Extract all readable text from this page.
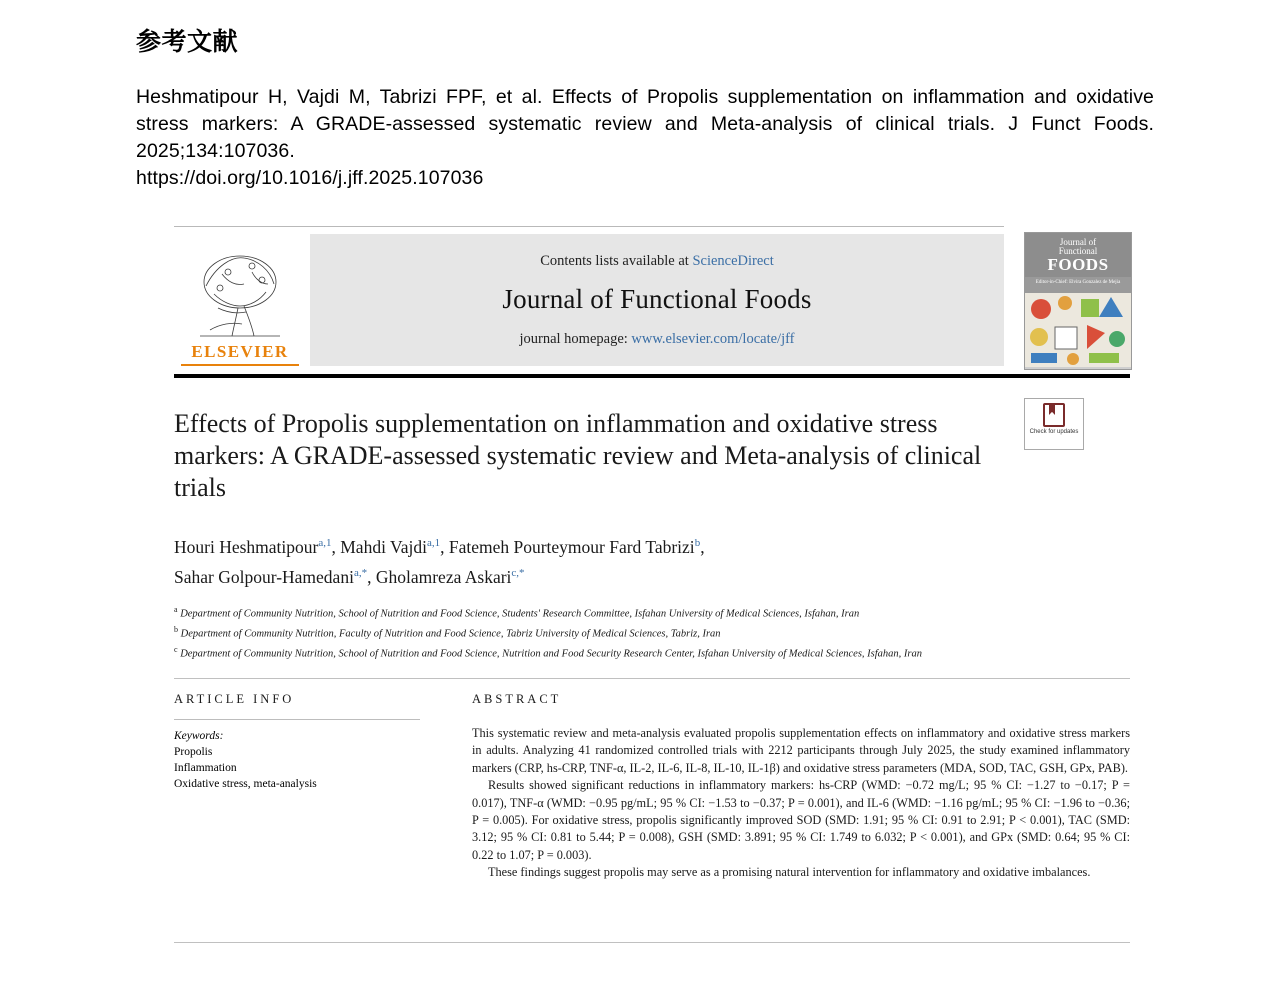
参考文献
Heshmatipour H, Vajdi M, Tabrizi FPF, et al. Effects of Propolis supplementation on inflammation and oxidative stress markers: A GRADE-assessed systematic review and Meta-analysis of clinical trials. J Funct Foods. 2025;134:107036.
https://doi.org/10.1016/j.jff.2025.107036
ELSEVIER
Contents lists available at ScienceDirect
Journal of Functional Foods
journal homepage: www.elsevier.com/locate/jff
Journal of
Functional
FOODS
Editor-in-Chief: Elvira Gonzalez de Mejia
Check for updates
Effects of Propolis supplementation on inflammation and oxidative stress markers: A GRADE-assessed systematic review and Meta-analysis of clinical trials
Houri Heshmatipour$^{a,1}$, Mahdi Vajdi$^{a,1}$, Fatemeh Pourteymour Fard Tabrizi$^b$,
Sahar Golpour-Hamedani$^{a,*}$, Gholamreza Askari$^{c,*}$
$^a$ Department of Community Nutrition, School of Nutrition and Food Science, Students' Research Committee, Isfahan University of Medical Sciences, Isfahan, Iran
$^b$ Department of Community Nutrition, Faculty of Nutrition and Food Science, Tabriz University of Medical Sciences, Tabriz, Iran
$^c$ Department of Community Nutrition, School of Nutrition and Food Science, Nutrition and Food Security Research Center, Isfahan University of Medical Sciences, Isfahan, Iran
ARTICLE INFO
Keywords:
Propolis
Inflammation
Oxidative stress, meta-analysis
ABSTRACT

This systematic review and meta-analysis evaluated propolis supplementation effects on inflammatory and oxidative stress markers in adults. Analyzing 41 randomized controlled trials with 2212 participants through July 2025, the study examined inflammatory markers (CRP, hs-CRP, TNF-α, IL-2, IL-6, IL-8, IL-10, IL-1β) and oxidative stress parameters (MDA, SOD, TAC, GSH, GPx, PAB).

Results showed significant reductions in inflammatory markers: hs-CRP (WMD: −0.72 mg/L; 95 % CI: −1.27 to −0.17; P = 0.017), TNF-α (WMD: −0.95 pg/mL; 95 % CI: −1.53 to −0.37; P = 0.001), and IL-6 (WMD: −1.16 pg/mL; 95 % CI: −1.96 to −0.36; P = 0.005). For oxidative stress, propolis significantly improved SOD (SMD: 1.91; 95 % CI: 0.91 to 2.91; P < 0.001), TAC (SMD: 3.12; 95 % CI: 0.81 to 5.44; P = 0.008), GSH (SMD: 3.891; 95 % CI: 1.749 to 6.032; P < 0.001), and GPx (SMD: 0.64; 95 % CI: 0.22 to 1.07; P = 0.003).

These findings suggest propolis may serve as a promising natural intervention for inflammatory and oxidative imbalances.
